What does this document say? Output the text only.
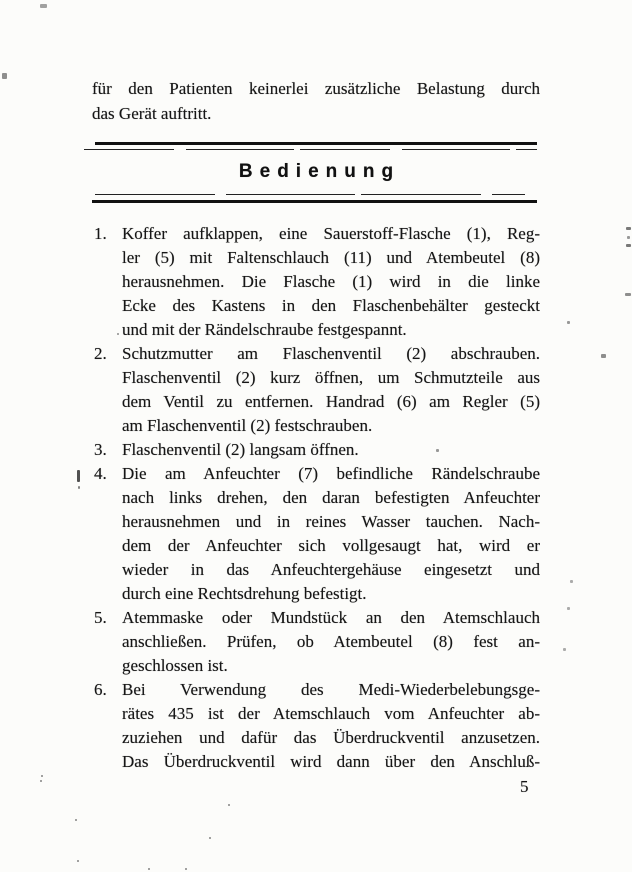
für den Patienten keinerlei zusätzliche Belastung durch
das Gerät auftritt.
Bedienung
1. Koffer aufklappen, eine Sauerstoff-Flasche (1), Reg-
ler (5) mit Faltenschlauch (11) und Atembeutel (8)
herausnehmen. Die Flasche (1) wird in die linke
Ecke des Kastens in den Flaschenbehälter gesteckt
und mit der Rändelschraube festgespannt.
2. Schutzmutter am Flaschenventil (2) abschrauben.
Flaschenventil (2) kurz öffnen, um Schmutzteile aus
dem Ventil zu entfernen. Handrad (6) am Regler (5)
am Flaschenventil (2) festschrauben.
3. Flaschenventil (2) langsam öffnen.
4. Die am Anfeuchter (7) befindliche Rändelschraube
nach links drehen, den daran befestigten Anfeuchter
herausnehmen und in reines Wasser tauchen. Nach-
dem der Anfeuchter sich vollgesaugt hat, wird er
wieder in das Anfeuchtergehäuse eingesetzt und
durch eine Rechtsdrehung befestigt.
5. Atemmaske oder Mundstück an den Atemschlauch
anschließen. Prüfen, ob Atembeutel (8) fest an-
geschlossen ist.
6. Bei Verwendung des Medi-Wiederbelebungsge-
rätes 435 ist der Atemschlauch vom Anfeuchter ab-
zuziehen und dafür das Überdruckventil anzusetzen.
Das Überdruckventil wird dann über den Anschluß-
5
